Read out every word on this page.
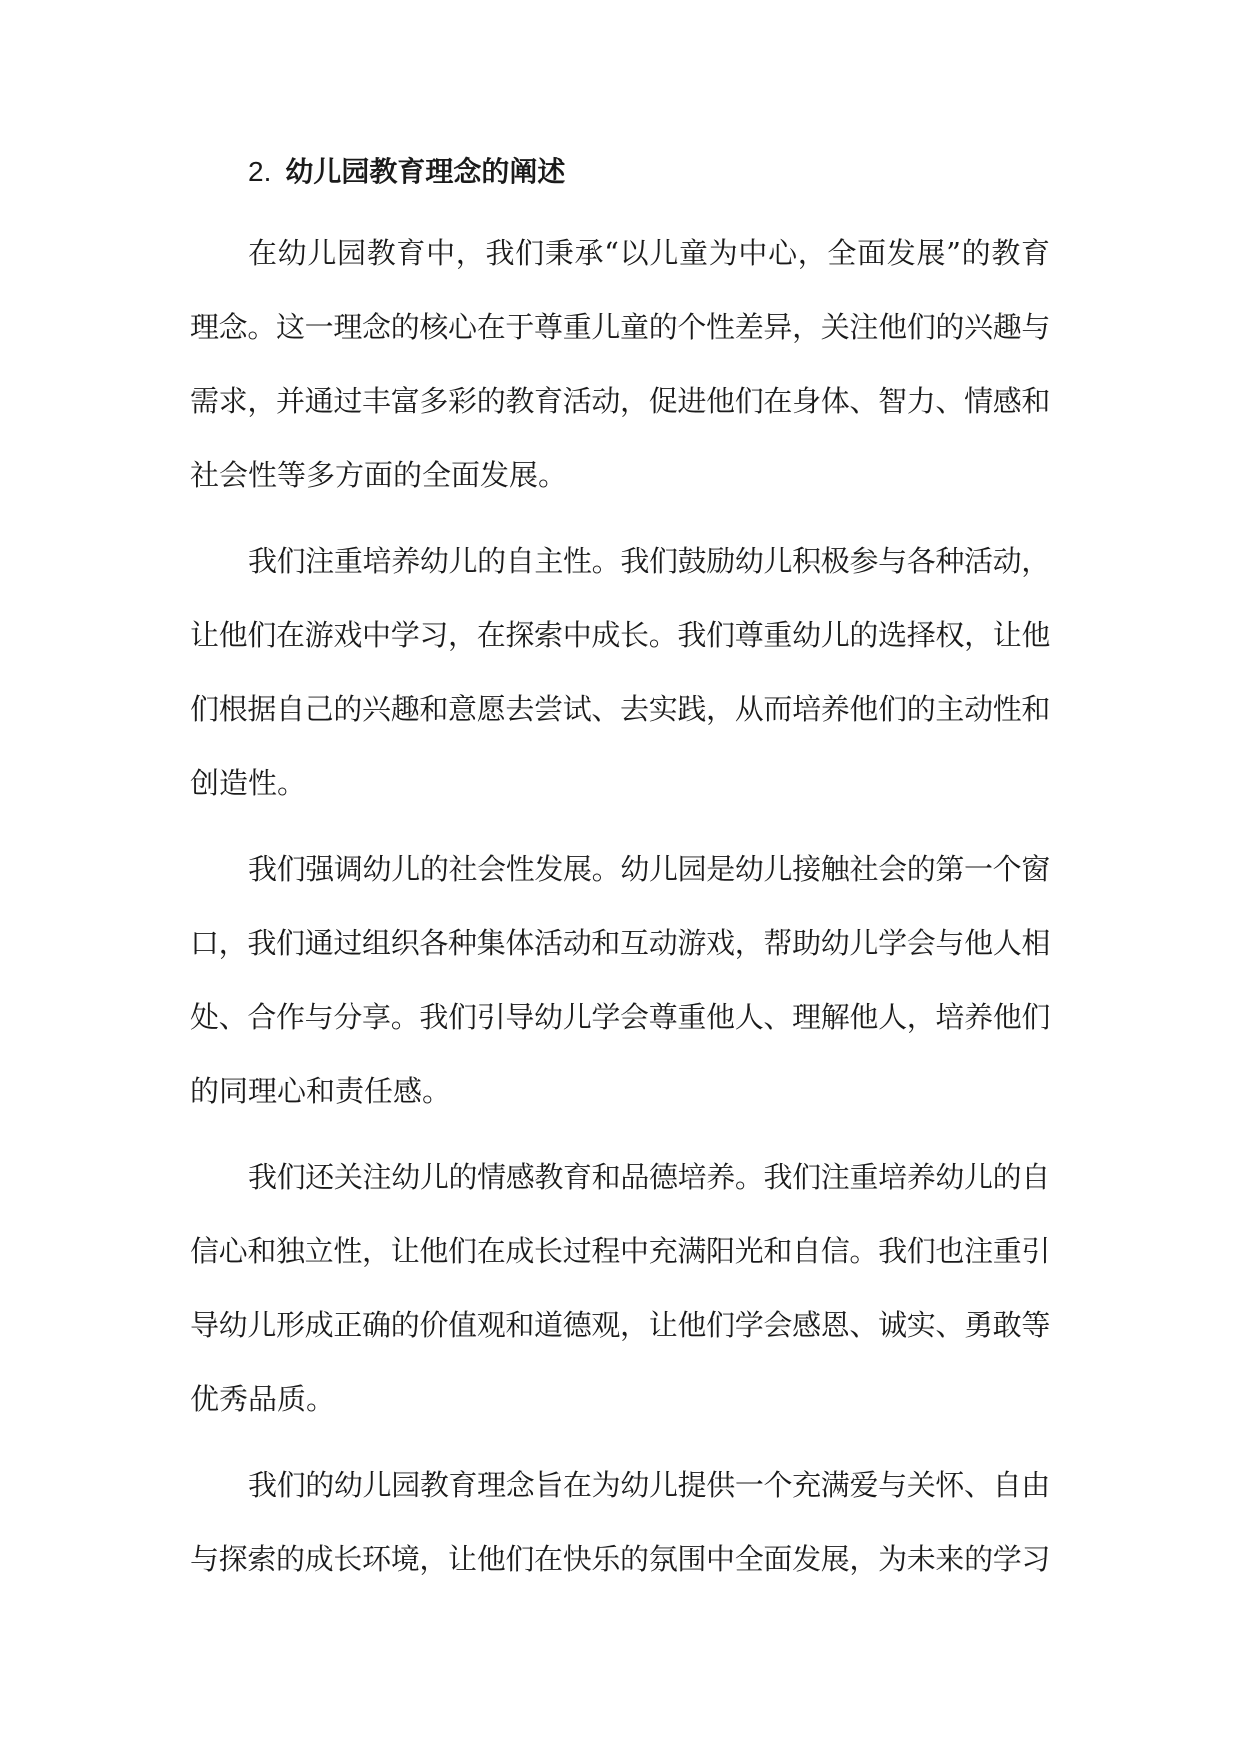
2. 幼儿园教育理念的阐述
在幼儿园教育中，我们秉承“以儿童为中心，全面发展”的教育
理念。这一理念的核心在于尊重儿童的个性差异，关注他们的兴趣与
需求，并通过丰富多彩的教育活动，促进他们在身体、智力、情感和
社会性等多方面的全面发展。
我们注重培养幼儿的自主性。我们鼓励幼儿积极参与各种活动，
让他们在游戏中学习，在探索中成长。我们尊重幼儿的选择权，让他
们根据自己的兴趣和意愿去尝试、去实践，从而培养他们的主动性和
创造性。
我们强调幼儿的社会性发展。幼儿园是幼儿接触社会的第一个窗
口，我们通过组织各种集体活动和互动游戏，帮助幼儿学会与他人相
处、合作与分享。我们引导幼儿学会尊重他人、理解他人，培养他们
的同理心和责任感。
我们还关注幼儿的情感教育和品德培养。我们注重培养幼儿的自
信心和独立性，让他们在成长过程中充满阳光和自信。我们也注重引
导幼儿形成正确的价值观和道德观，让他们学会感恩、诚实、勇敢等
优秀品质。
我们的幼儿园教育理念旨在为幼儿提供一个充满爱与关怀、自由
与探索的成长环境，让他们在快乐的氛围中全面发展，为未来的学习
